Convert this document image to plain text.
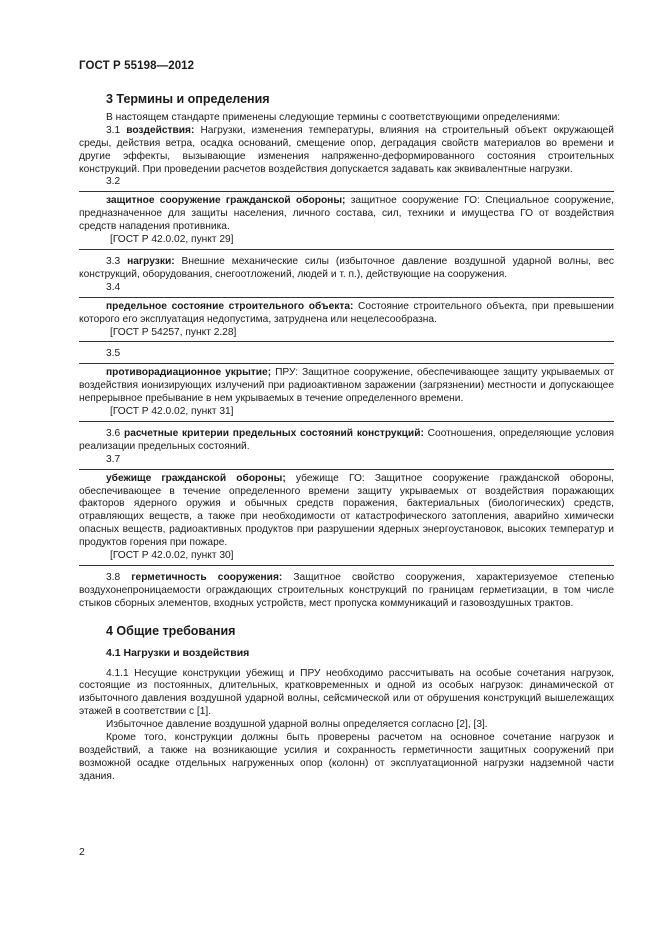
ГОСТ Р 55198—2012
3 Термины и определения

В настоящем стандарте применены следующие термины с соответствующими определениями:

3.1 воздействия: Нагрузки, изменения температуры, влияния на строительный объект окружающей среды, действия ветра, осадка оснований, смещение опор, деградация свойств материалов во времени и другие эффекты, вызывающие изменения напряженно-деформированного состояния строительных конструкций. При проведении расчетов воздействия допускается задавать как эквивалентные нагрузки.

3.2

защитное сооружение гражданской обороны; защитное сооружение ГО: Специальное сооружение, предназначенное для защиты населения, личного состава, сил, техники и имущества ГО от воздействия средств нападения противника.

[ГОСТ Р 42.0.02, пункт 29]

3.3 нагрузки: Внешние механические силы (избыточное давление воздушной ударной волны, вес конструкций, оборудования, снегоотложений, людей и т. п.), действующие на сооружения.

3.4

предельное состояние строительного объекта: Состояние строительного объекта, при превышении которого его эксплуатация недопустима, затруднена или нецелесообразна.

[ГОСТ Р 54257, пункт 2.28]

3.5

противорадиационное укрытие; ПРУ: Защитное сооружение, обеспечивающее защиту укрываемых от воздействия ионизирующих излучений при радиоактивном заражении (загрязнении) местности и допускающее непрерывное пребывание в нем укрываемых в течение определенного времени.

[ГОСТ Р 42.0.02, пункт 31]

3.6 расчетные критерии предельных состояний конструкций: Соотношения, определяющие условия реализации предельных состояний.

3.7

убежище гражданской обороны; убежище ГО: Защитное сооружение гражданской обороны, обеспечивающее в течение определенного времени защиту укрываемых от воздействия поражающих факторов ядерного оружия и обычных средств поражения, бактериальных (биологических) средств, отравляющих веществ, а также при необходимости от катастрофического затопления, аварийно химически опасных веществ, радиоактивных продуктов при разрушении ядерных энергоустановок, высоких температур и продуктов горения при пожаре.

[ГОСТ Р 42.0.02, пункт 30]

3.8 герметичность сооружения: Защитное свойство сооружения, характеризуемое степенью воздухонепроницаемости ограждающих строительных конструкций по границам герметизации, в том числе стыков сборных элементов, входных устройств, мест пропуска коммуникаций и газовоздушных трактов.

4 Общие требования
4.1 Нагрузки и воздействия

4.1.1 Несущие конструкции убежищ и ПРУ необходимо рассчитывать на особые сочетания нагрузок, состоящие из постоянных, длительных, кратковременных и одной из особых нагрузок: динамической от избыточного давления воздушной ударной волны, сейсмической или от обрушения конструкций вышележащих этажей в соответствии с [1].

Избыточное давление воздушной ударной волны определяется согласно [2], [3].

Кроме того, конструкции должны быть проверены расчетом на основное сочетание нагрузок и воздействий, а также на возникающие усилия и сохранность герметичности защитных сооружений при возможной осадке отдельных нагруженных опор (колонн) от эксплуатационной нагрузки надземной части здания.

2
